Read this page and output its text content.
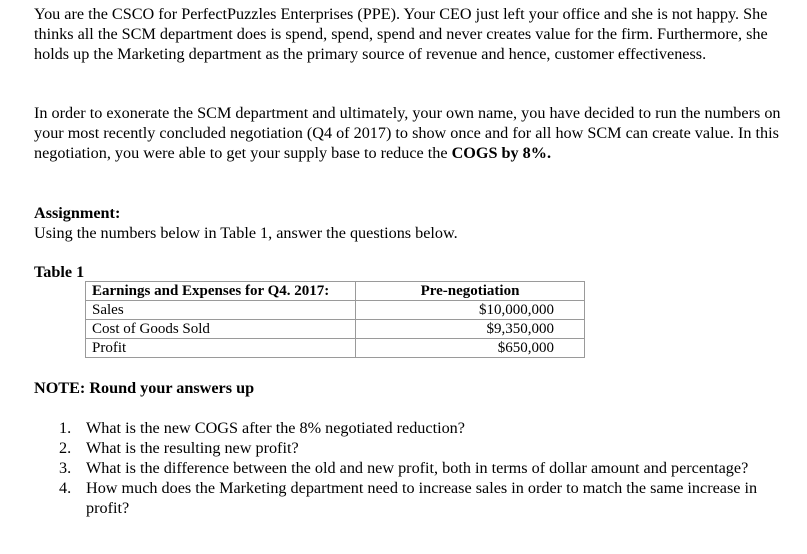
You are the CSCO for PerfectPuzzles Enterprises (PPE). Your CEO just left your office and she is not happy. She thinks all the SCM department does is spend, spend, spend and never creates value for the firm. Furthermore, she holds up the Marketing department as the primary source of revenue and hence, customer effectiveness.

In order to exonerate the SCM department and ultimately, your own name, you have decided to run the numbers on your most recently concluded negotiation (Q4 of 2017) to show once and for all how SCM can create value. In this negotiation, you were able to get your supply base to reduce the COGS by 8%.

Assignment:
Using the numbers below in Table 1, answer the questions below.
Table 1
Earnings and Expenses for Q4. 2017:	Pre-negotiation
Sales	$10,000,000
Cost of Goods Sold	$9,350,000
Profit	$650,000
NOTE: Round your answers up
1. What is the new COGS after the 8% negotiated reduction?
2. What is the resulting new profit?
3. What is the difference between the old and new profit, both in terms of dollar amount and percentage?
4. How much does the Marketing department need to increase sales in order to match the same increase in profit?
